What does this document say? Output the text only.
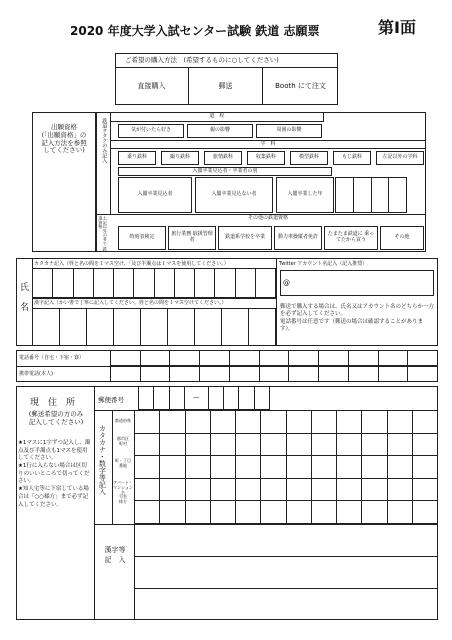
2020 年度大学入試センター試験 鉄道 志願票	第Ⅰ面
ご希望の購入方法　(希望するものに○してください)
直接購入	郵送	Booth にて注文
出願資格
(「出願資格」の
記入方法を参照
してください)	鉄道オタクのみ記入
道　程
気が付いたら好き	親の影響	周囲の影響
学　科
乗り鉄科	撮り鉄科	旅情鉄科	収集鉄科	模型鉄科	もじ鉄科	左記以外の学科
入閣卒業見込者・卒業者の別
入閣卒業見込者	入閣卒業見込ない者	入閣卒業した年
その他の鉄道資格
上記以外の者で 鉄道資格
時刻表検定	旅行業務 取扱管理者	鉄道系学校を卒業	動力車操縦者免許	たまたま鉄道に 乗ってたから買う	その他
氏

名
カタカナ記入（姓と名の間を１マス空け、「及び半濁点は１マスを使用してください。）
漢字記入（かい書で丁寧に記入してください。姓と名の間を１マス空けてください。）
Twitter アカウント名記入（記入推奨）
@
郵送で購入する場合は、氏名又はアカウント名のどちらか一方を必ず記入してください。
電話番号は任意です（郵送の場合は確認することがあります）。
電話番号（自宅・下宿・寮）
携帯電話(本人)
現　住　所
(郵送希望の方のみ
記入してください)
★1マスに1字ずつ記入し、濁点及び半濁点も1マスを使用してください。
★1行に入らない場合は区切りのいいところで切ってください。
★知人宅等に下宿している場合は「○○様方」まで必ず記入してください。
郵便番号	ー
カタカナ・数字等記入
都道府県
郡市区
町村
町・丁目
番地
アパート・
マンション名
号室
様方
漢字等
記　入
